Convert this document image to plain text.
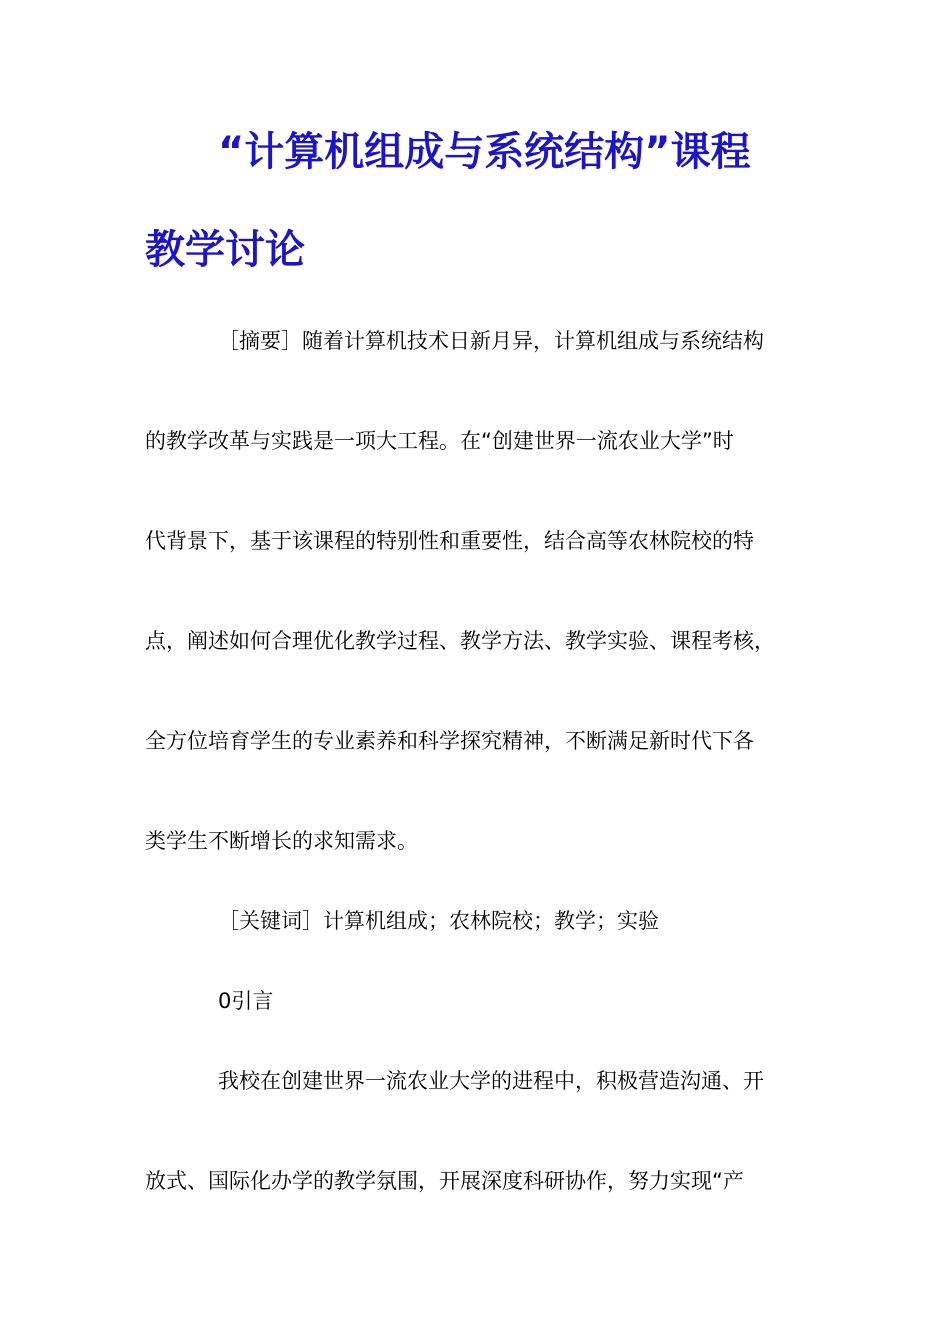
“计算机组成与系统结构”课程
教学讨论
［摘要］随着计算机技术日新月异，计算机组成与系统结构
的教学改革与实践是一项大工程。在“创建世界一流农业大学”时
代背景下，基于该课程的特别性和重要性，结合高等农林院校的特
点，阐述如何合理优化教学过程、教学方法、教学实验、课程考核，
全方位培育学生的专业素养和科学探究精神，不断满足新时代下各
类学生不断增长的求知需求。
［关键词］计算机组成；农林院校；教学；实验
0引言
我校在创建世界一流农业大学的进程中，积极营造沟通、开
放式、国际化办学的教学氛围，开展深度科研协作，努力实现“产
